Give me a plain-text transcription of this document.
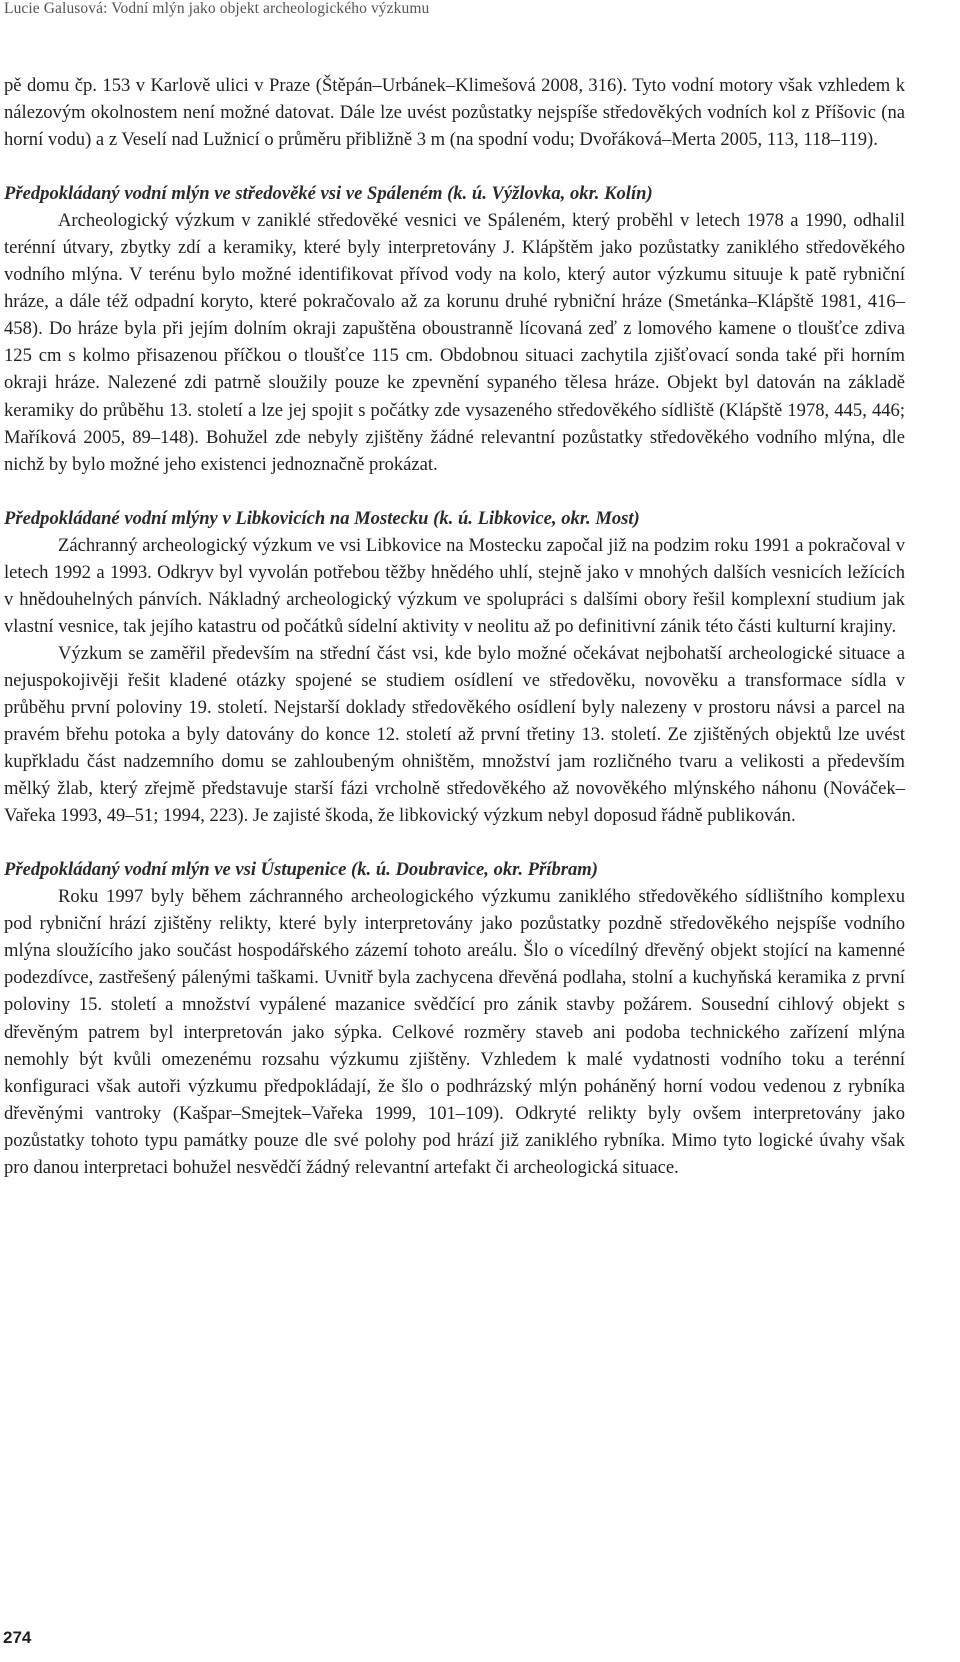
Lucie Galusová: Vodní mlýn jako objekt archeologického výzkumu

pě domu čp. 153 v Karlově ulici v Praze (Štěpán–Urbánek–Klimešová 2008, 316). Tyto vodní motory však vzhledem k nálezovým okolnostem není možné datovat. Dále lze uvést pozůstatky nejspíše středověkých vodních kol z Příšovic (na horní vodu) a z Veselí nad Lužnicí o průměru přibližně 3 m (na spodní vodu; Dvořáková–Merta 2005, 113, 118–119).

Předpokládaný vodní mlýn ve středověké vsi ve Spáleném (k. ú. Výžlovka, okr. Kolín)

Archeologický výzkum v zaniklé středověké vesnici ve Spáleném, který proběhl v letech 1978 a 1990, odhalil terénní útvary, zbytky zdí a keramiky, které byly interpretovány J. Klápštěm jako pozůstatky zaniklého středověkého vodního mlýna. V terénu bylo možné identifikovat přívod vody na kolo, který autor výzkumu situuje k patě rybniční hráze, a dále též odpadní koryto, které pokračovalo až za korunu druhé rybniční hráze (Smetánka–Klápště 1981, 416–458). Do hráze byla při jejím dolním okraji zapuštěna oboustranně lícovaná zeď z lomového kamene o tloušťce zdiva 125 cm s kolmo přisazenou příčkou o tloušťce 115 cm. Obdobnou situaci zachytila zjišťovací sonda také při horním okraji hráze. Nalezené zdi patrně sloužily pouze ke zpevnění sypaného tělesa hráze. Objekt byl datován na základě keramiky do průběhu 13. století a lze jej spojit s počátky zde vysazeného středověkého sídliště (Klápště 1978, 445, 446; Maříková 2005, 89–148). Bohužel zde nebyly zjištěny žádné relevantní pozůstatky středověkého vodního mlýna, dle nichž by bylo možné jeho existenci jednoznačně prokázat.

Předpokládané vodní mlýny v Libkovicích na Mostecku (k. ú. Libkovice, okr. Most)

Záchranný archeologický výzkum ve vsi Libkovice na Mostecku započal již na podzim roku 1991 a pokračoval v letech 1992 a 1993. Odkryv byl vyvolán potřebou těžby hnědého uhlí, stejně jako v mnohých dalších vesnicích ležících v hnědouhelných pánvích. Nákladný archeologický výzkum ve spolupráci s dalšími obory řešil komplexní studium jak vlastní vesnice, tak jejího katastru od počátků sídelní aktivity v neolitu až po definitivní zánik této části kulturní krajiny.

Výzkum se zaměřil především na střední část vsi, kde bylo možné očekávat nejbohatší archeologické situace a nejuspokojivěji řešit kladené otázky spojené se studiem osídlení ve středověku, novověku a transformace sídla v průběhu první poloviny 19. století. Nejstarší doklady středověkého osídlení byly nalezeny v prostoru návsi a parcel na pravém břehu potoka a byly datovány do konce 12. století až první třetiny 13. století. Ze zjištěných objektů lze uvést kupřkladu část nadzemního domu se zahloubeným ohništěm, množství jam rozličného tvaru a velikosti a především mělký žlab, který zřejmě představuje starší fázi vrcholně středověkého až novověkého mlýnského náhonu (Nováček–Vařeka 1993, 49–51; 1994, 223). Je zajisté škoda, že libkovický výzkum nebyl doposud řádně publikován.

Předpokládaný vodní mlýn ve vsi Ústupenice (k. ú. Doubravice, okr. Příbram)

Roku 1997 byly během záchranného archeologického výzkumu zaniklého středověkého sídlištního komplexu pod rybniční hrází zjištěny relikty, které byly interpretovány jako pozůstatky pozdně středověkého nejspíše vodního mlýna sloužícího jako součást hospodářského zázemí tohoto areálu. Šlo o vícedílný dřevěný objekt stojící na kamenné podezdívce, zastřešený pálenými taškami. Uvnitř byla zachycena dřevěná podlaha, stolní a kuchyňská keramika z první poloviny 15. století a množství vypálené mazanice svědčící pro zánik stavby požárem. Sousední cihlový objekt s dřevěným patrem byl interpretován jako sýpka. Celkové rozměry staveb ani podoba technického zařízení mlýna nemohly být kvůli omezenému rozsahu výzkumu zjištěny. Vzhledem k malé vydatnosti vodního toku a terénní konfiguraci však autoři výzkumu předpokládají, že šlo o podhrázský mlýn poháněný horní vodou vedenou z rybníka dřevěnými vantroky (Kašpar–Smejtek–Vařeka 1999, 101–109). Odkryté relikty byly ovšem interpretovány jako pozůstatky tohoto typu památky pouze dle své polohy pod hrází již zaniklého rybníka. Mimo tyto logické úvahy však pro danou interpretaci bohužel nesvědčí žádný relevantní artefakt či archeologická situace.

274
